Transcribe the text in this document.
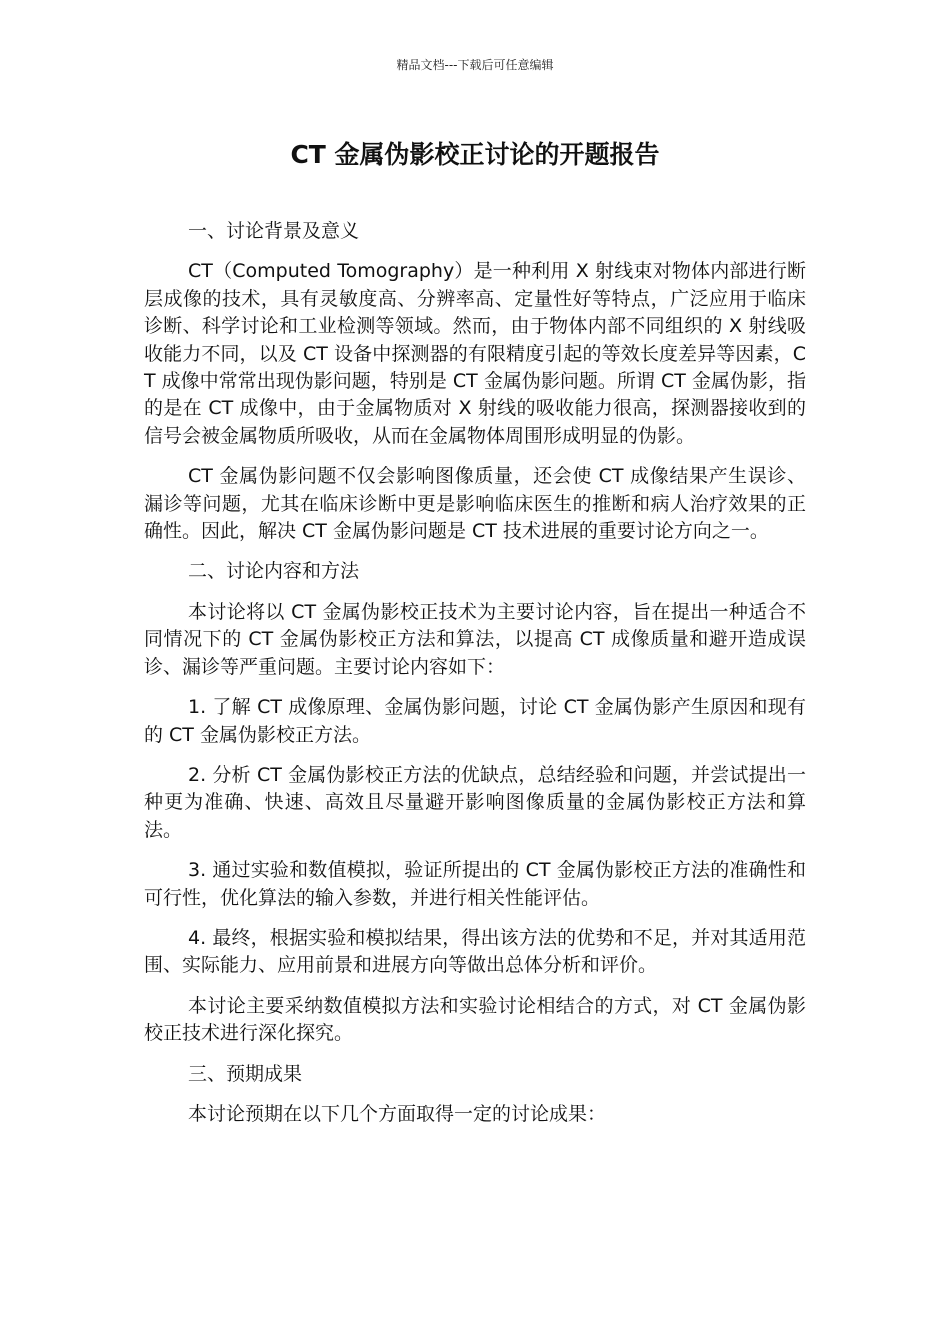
精品文档---下载后可任意编辑
CT 金属伪影校正讨论的开题报告

一、讨论背景及意义

CT（Computed Tomography）是一种利用 X 射线束对物体内部进行断层成像的技术，具有灵敏度高、分辨率高、定量性好等特点，广泛应用于临床诊断、科学讨论和工业检测等领域。然而，由于物体内部不同组织的 X 射线吸收能力不同，以及 CT 设备中探测器的有限精度引起的等效长度差异等因素，CT 成像中常常出现伪影问题，特别是 CT 金属伪影问题。所谓 CT 金属伪影，指的是在 CT 成像中，由于金属物质对 X 射线的吸收能力很高，探测器接收到的信号会被金属物质所吸收，从而在金属物体周围形成明显的伪影。

CT 金属伪影问题不仅会影响图像质量，还会使 CT 成像结果产生误诊、漏诊等问题，尤其在临床诊断中更是影响临床医生的推断和病人治疗效果的正确性。因此，解决 CT 金属伪影问题是 CT 技术进展的重要讨论方向之一。

二、讨论内容和方法

本讨论将以 CT 金属伪影校正技术为主要讨论内容，旨在提出一种适合不同情况下的 CT 金属伪影校正方法和算法，以提高 CT 成像质量和避开造成误诊、漏诊等严重问题。主要讨论内容如下：

1. 了解 CT 成像原理、金属伪影问题，讨论 CT 金属伪影产生原因和现有的 CT 金属伪影校正方法。

2. 分析 CT 金属伪影校正方法的优缺点，总结经验和问题，并尝试提出一种更为准确、快速、高效且尽量避开影响图像质量的金属伪影校正方法和算法。

3. 通过实验和数值模拟，验证所提出的 CT 金属伪影校正方法的准确性和可行性，优化算法的输入参数，并进行相关性能评估。

4. 最终，根据实验和模拟结果，得出该方法的优势和不足，并对其适用范围、实际能力、应用前景和进展方向等做出总体分析和评价。

本讨论主要采纳数值模拟方法和实验讨论相结合的方式，对 CT 金属伪影校正技术进行深化探究。

三、预期成果

本讨论预期在以下几个方面取得一定的讨论成果：
